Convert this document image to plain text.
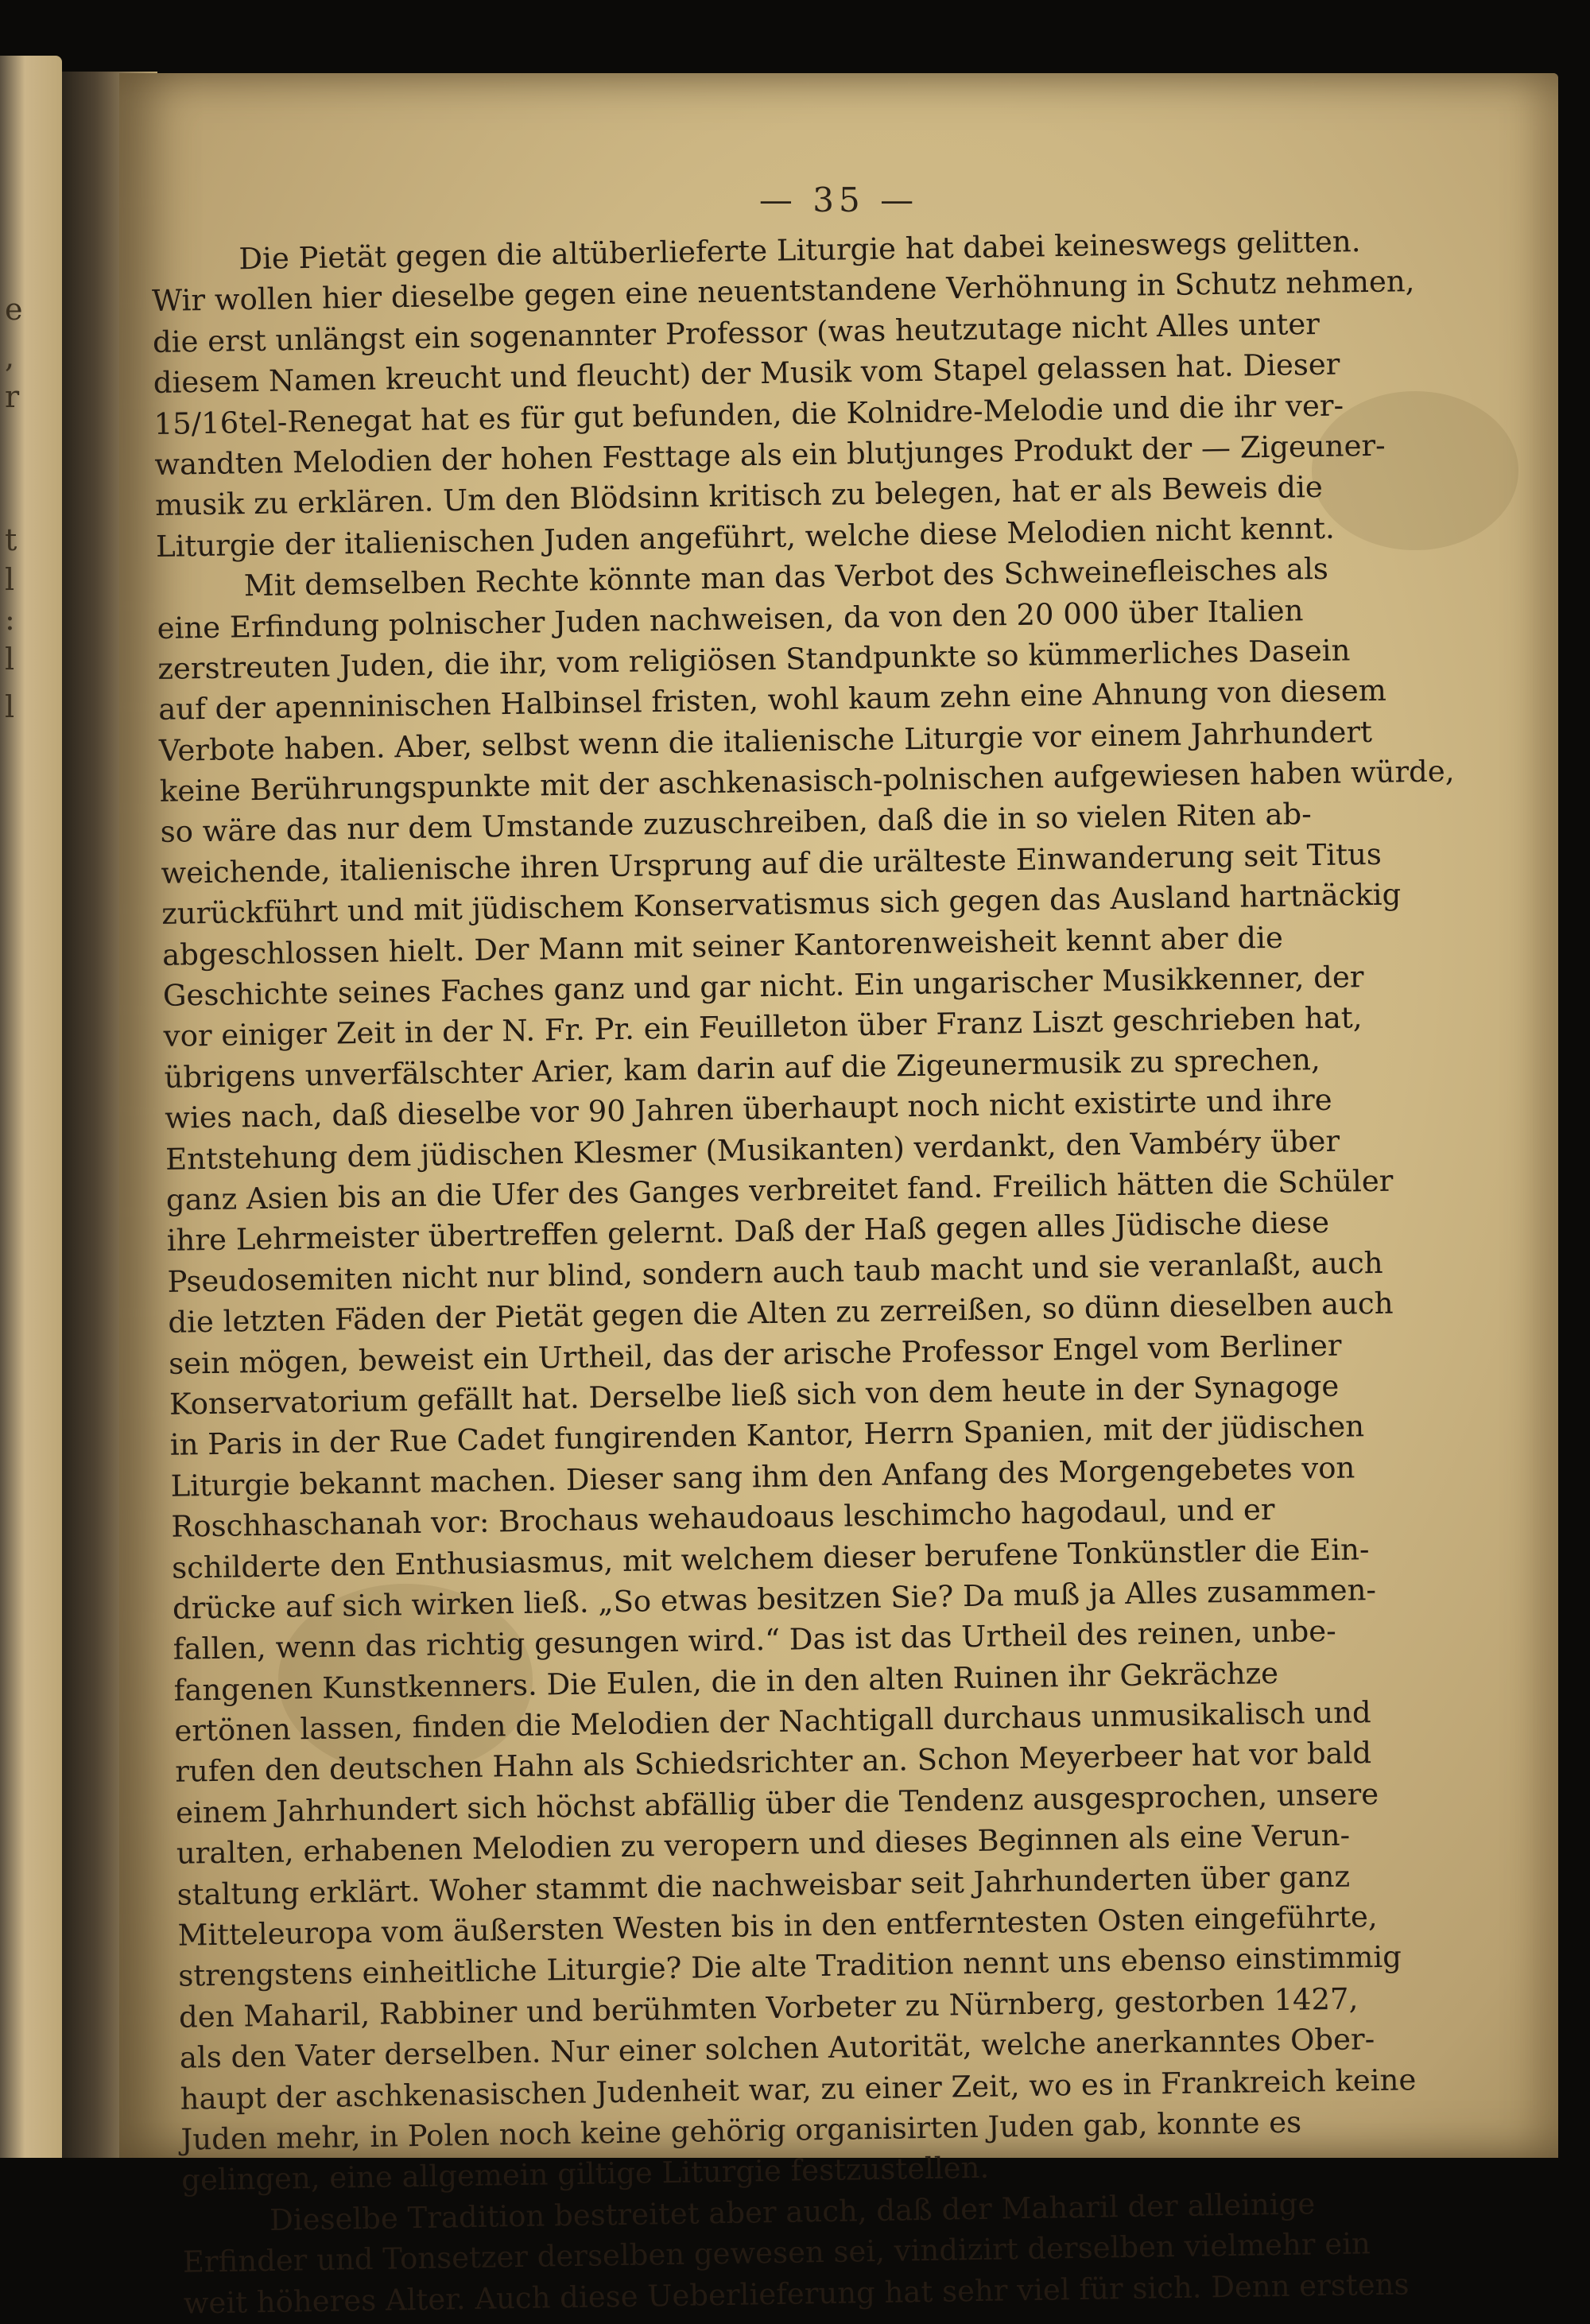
e
,
r
t
l
:
l
l
— 35 —
Die Pietät gegen die altüberlieferte Liturgie hat dabei keineswegs gelitten.
Wir wollen hier dieselbe gegen eine neuentstandene Verhöhnung in Schutz nehmen,
die erst unlängst ein sogenannter Professor (was heutzutage nicht Alles unter
diesem Namen kreucht und fleucht) der Musik vom Stapel gelassen hat. Dieser
15/16tel-Renegat hat es für gut befunden, die Kolnidre-Melodie und die ihr ver-
wandten Melodien der hohen Festtage als ein blutjunges Produkt der — Zigeuner-
musik zu erklären. Um den Blödsinn kritisch zu belegen, hat er als Beweis die
Liturgie der italienischen Juden angeführt, welche diese Melodien nicht kennt.
Mit demselben Rechte könnte man das Verbot des Schweinefleisches als
eine Erfindung polnischer Juden nachweisen, da von den 20 000 über Italien
zerstreuten Juden, die ihr, vom religiösen Standpunkte so kümmerliches Dasein
auf der apenninischen Halbinsel fristen, wohl kaum zehn eine Ahnung von diesem
Verbote haben. Aber, selbst wenn die italienische Liturgie vor einem Jahrhundert
keine Berührungspunkte mit der aschkenasisch-polnischen aufgewiesen haben würde,
so wäre das nur dem Umstande zuzuschreiben, daß die in so vielen Riten ab-
weichende, italienische ihren Ursprung auf die urälteste Einwanderung seit Titus
zurückführt und mit jüdischem Konservatismus sich gegen das Ausland hartnäckig
abgeschlossen hielt. Der Mann mit seiner Kantorenweisheit kennt aber die
Geschichte seines Faches ganz und gar nicht. Ein ungarischer Musikkenner, der
vor einiger Zeit in der N. Fr. Pr. ein Feuilleton über Franz Liszt geschrieben hat,
übrigens unverfälschter Arier, kam darin auf die Zigeunermusik zu sprechen,
wies nach, daß dieselbe vor 90 Jahren überhaupt noch nicht existirte und ihre
Entstehung dem jüdischen Klesmer (Musikanten) verdankt, den Vambéry über
ganz Asien bis an die Ufer des Ganges verbreitet fand. Freilich hätten die Schüler
ihre Lehrmeister übertreffen gelernt. Daß der Haß gegen alles Jüdische diese
Pseudosemiten nicht nur blind, sondern auch taub macht und sie veranlaßt, auch
die letzten Fäden der Pietät gegen die Alten zu zerreißen, so dünn dieselben auch
sein mögen, beweist ein Urtheil, das der arische Professor Engel vom Berliner
Konservatorium gefällt hat. Derselbe ließ sich von dem heute in der Synagoge
in Paris in der Rue Cadet fungirenden Kantor, Herrn Spanien, mit der jüdischen
Liturgie bekannt machen. Dieser sang ihm den Anfang des Morgengebetes von
Roschhaschanah vor: Brochaus wehaudoaus leschimcho hagodaul, und er
schilderte den Enthusiasmus, mit welchem dieser berufene Tonkünstler die Ein-
drücke auf sich wirken ließ. „So etwas besitzen Sie? Da muß ja Alles zusammen-
fallen, wenn das richtig gesungen wird.“ Das ist das Urtheil des reinen, unbe-
fangenen Kunstkenners. Die Eulen, die in den alten Ruinen ihr Gekrächze
ertönen lassen, finden die Melodien der Nachtigall durchaus unmusikalisch und
rufen den deutschen Hahn als Schiedsrichter an. Schon Meyerbeer hat vor bald
einem Jahrhundert sich höchst abfällig über die Tendenz ausgesprochen, unsere
uralten, erhabenen Melodien zu veropern und dieses Beginnen als eine Verun-
staltung erklärt. Woher stammt die nachweisbar seit Jahrhunderten über ganz
Mitteleuropa vom äußersten Westen bis in den entferntesten Osten eingeführte,
strengstens einheitliche Liturgie? Die alte Tradition nennt uns ebenso einstimmig
den Maharil, Rabbiner und berühmten Vorbeter zu Nürnberg, gestorben 1427,
als den Vater derselben. Nur einer solchen Autorität, welche anerkanntes Ober-
haupt der aschkenasischen Judenheit war, zu einer Zeit, wo es in Frankreich keine
Juden mehr, in Polen noch keine gehörig organisirten Juden gab, konnte es
gelingen, eine allgemein giltige Liturgie festzustellen.
Dieselbe Tradition bestreitet aber auch, daß der Maharil der alleinige
Erfinder und Tonsetzer derselben gewesen sei, vindizirt derselben vielmehr ein
weit höheres Alter. Auch diese Ueberlieferung hat sehr viel für sich. Denn erstens
